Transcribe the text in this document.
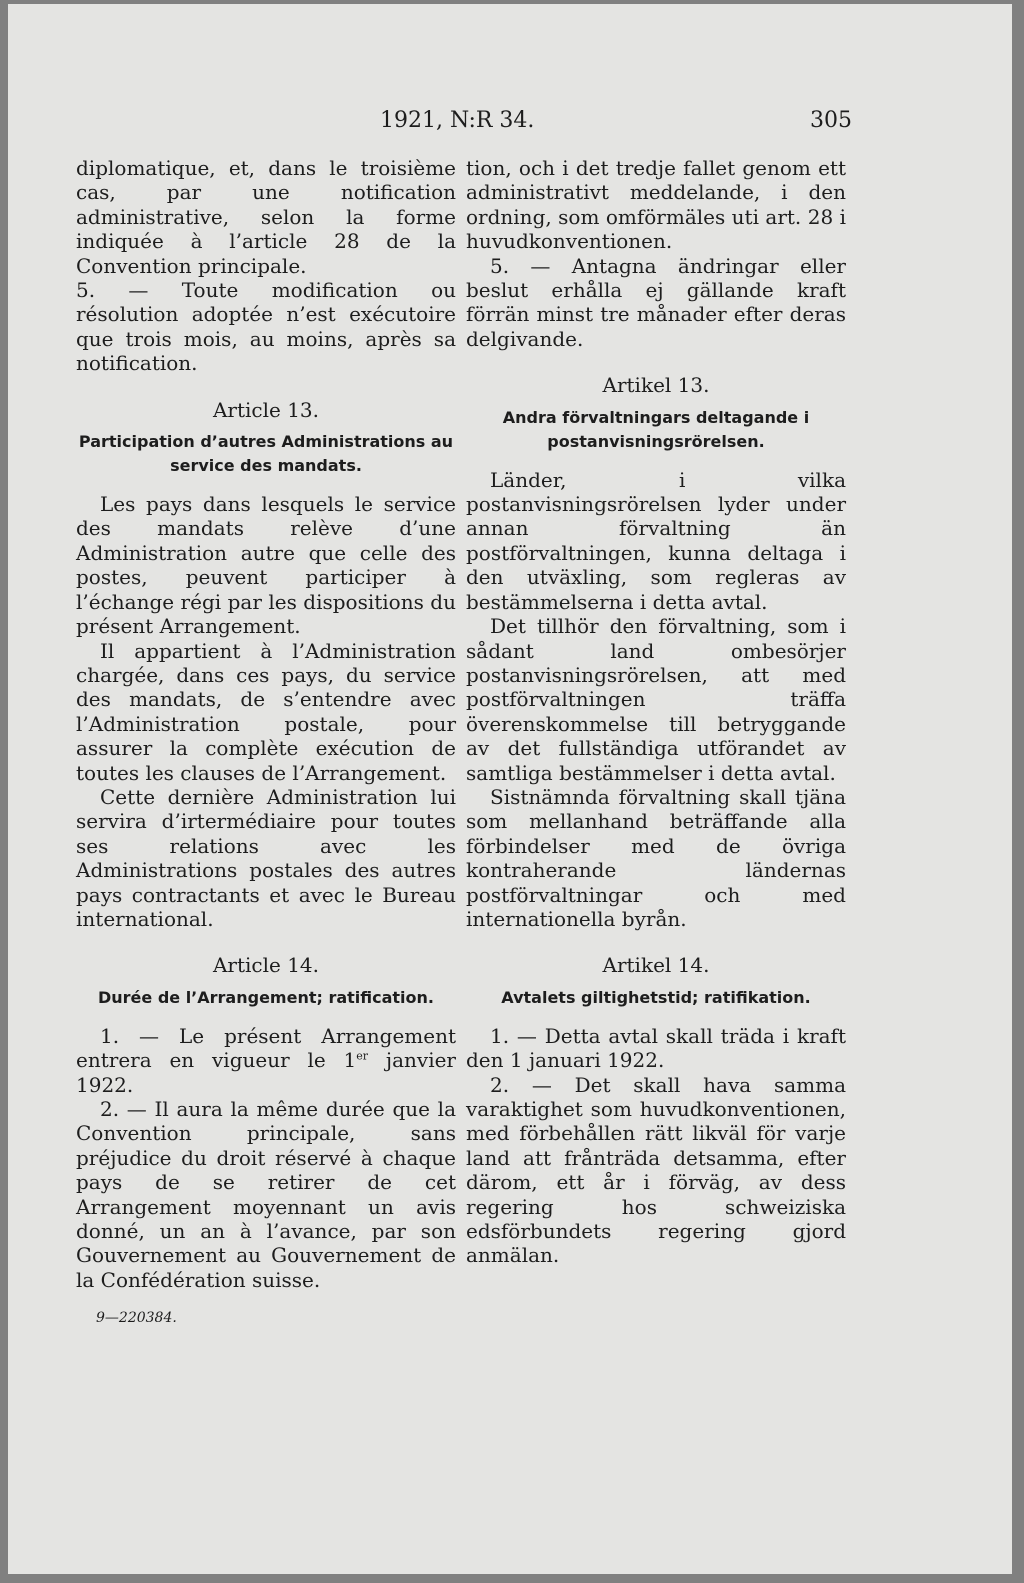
1921, N:R 34.	305

diplomatique, et, dans le troisième cas, par une notification administrative, selon la forme indiquée à l’article 28 de la Convention principale.

5. — Toute modification ou résolution adoptée n’est exécutoire que trois mois, au moins, après sa notification.

Article 13.

Participation d’autres Administrations au service des mandats.

Les pays dans lesquels le service des mandats relève d’une Administration autre que celle des postes, peuvent participer à l’échange régi par les dispositions du présent Arrangement.

Il appartient à l’Administration chargée, dans ces pays, du service des mandats, de s’entendre avec l’Administration postale, pour assurer la complète exécution de toutes les clauses de l’Arrangement.

Cette dernière Administration lui servira d’irtermédiaire pour toutes ses relations avec les Administrations postales des autres pays contractants et avec le Bureau international.

Article 14.

Durée de l’Arrangement; ratification.

1. — Le présent Arrangement entrera en vigueur le 1er janvier 1922.

2. — Il aura la même durée que la Convention principale, sans préjudice du droit réservé à chaque pays de se retirer de cet Arrangement moyennant un avis donné, un an à l’avance, par son Gouvernement au Gouvernement de la Confédération suisse.

9—220384.

tion, och i det tredje fallet genom ett administrativt meddelande, i den ordning, som omförmäles uti art. 28 i huvudkonventionen.

5. — Antagna ändringar eller beslut erhålla ej gällande kraft förrän minst tre månader efter deras delgivande.

Artikel 13.

Andra förvaltningars deltagande i postanvisningsrörelsen.

Länder, i vilka postanvisningsrörelsen lyder under annan förvaltning än postförvaltningen, kunna deltaga i den utväxling, som regleras av bestämmelserna i detta avtal.

Det tillhör den förvaltning, som i sådant land ombesörjer postanvisningsrörelsen, att med postförvaltningen träffa överenskommelse till betryggande av det fullständiga utförandet av samtliga bestämmelser i detta avtal.

Sistnämnda förvaltning skall tjäna som mellanhand beträffande alla förbindelser med de övriga kontraherande ländernas postförvaltningar och med internationella byrån.

Artikel 14.

Avtalets giltighetstid; ratifikation.

1. — Detta avtal skall träda i kraft den 1 januari 1922.

2. — Det skall hava samma varaktighet som huvudkonventionen, med förbehållen rätt likväl för varje land att frånträda detsamma, efter därom, ett år i förväg, av dess regering hos schweiziska edsförbundets regering gjord anmälan.
